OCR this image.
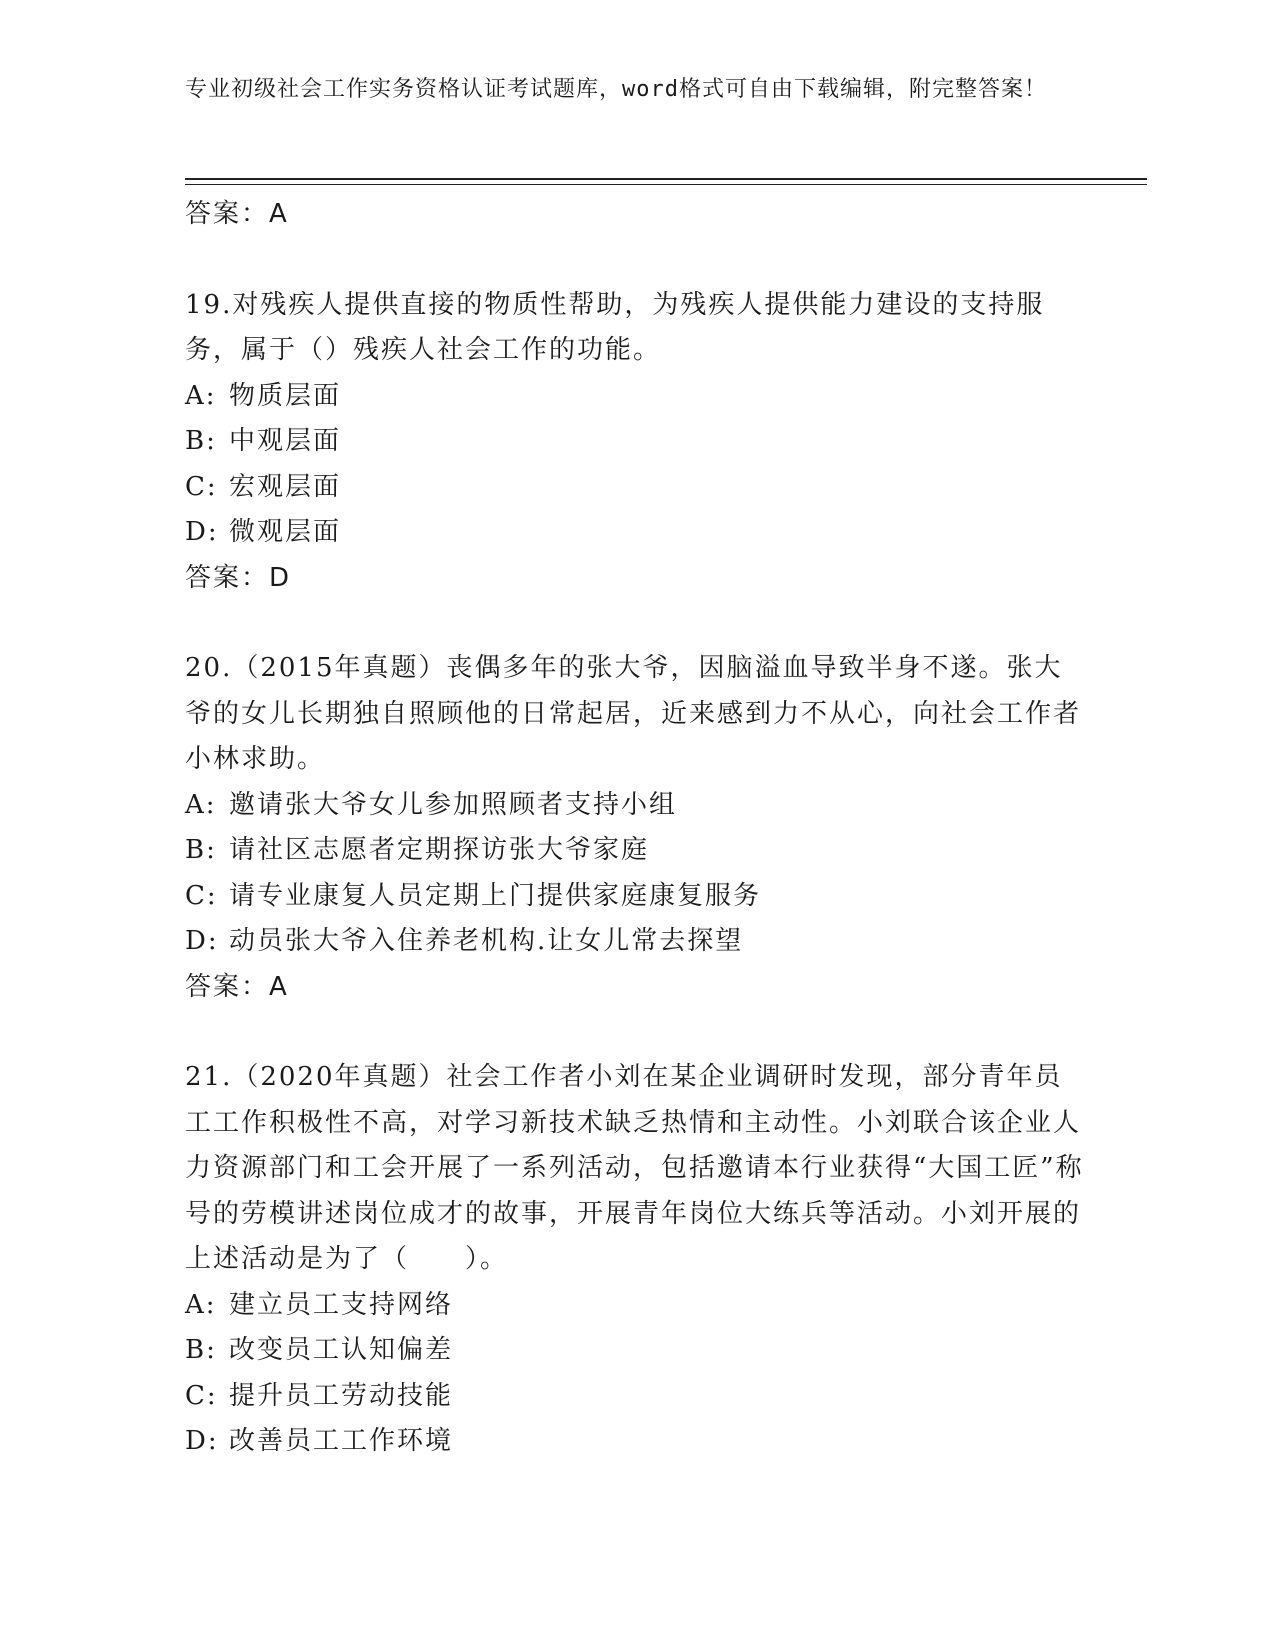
专业初级社会工作实务资格认证考试题库，word格式可自由下载编辑，附完整答案！

答案：A

19.对残疾人提供直接的物质性帮助，为残疾人提供能力建设的支持服务，属于（）残疾人社会工作的功能。

A: 物质层面

B: 中观层面

C: 宏观层面

D: 微观层面

答案：D

20.（2015年真题）丧偶多年的张大爷，因脑溢血导致半身不遂。张大爷的女儿长期独自照顾他的日常起居，近来感到力不从心，向社会工作者小林求助。

A: 邀请张大爷女儿参加照顾者支持小组

B: 请社区志愿者定期探访张大爷家庭

C: 请专业康复人员定期上门提供家庭康复服务

D: 动员张大爷入住养老机构.让女儿常去探望

答案：A

21.（2020年真题）社会工作者小刘在某企业调研时发现，部分青年员工工作积极性不高，对学习新技术缺乏热情和主动性。小刘联合该企业人力资源部门和工会开展了一系列活动，包括邀请本行业获得“大国工匠”称号的劳模讲述岗位成才的故事，开展青年岗位大练兵等活动。小刘开展的上述活动是为了（　　）。

A: 建立员工支持网络

B: 改变员工认知偏差

C: 提升员工劳动技能

D: 改善员工工作环境
